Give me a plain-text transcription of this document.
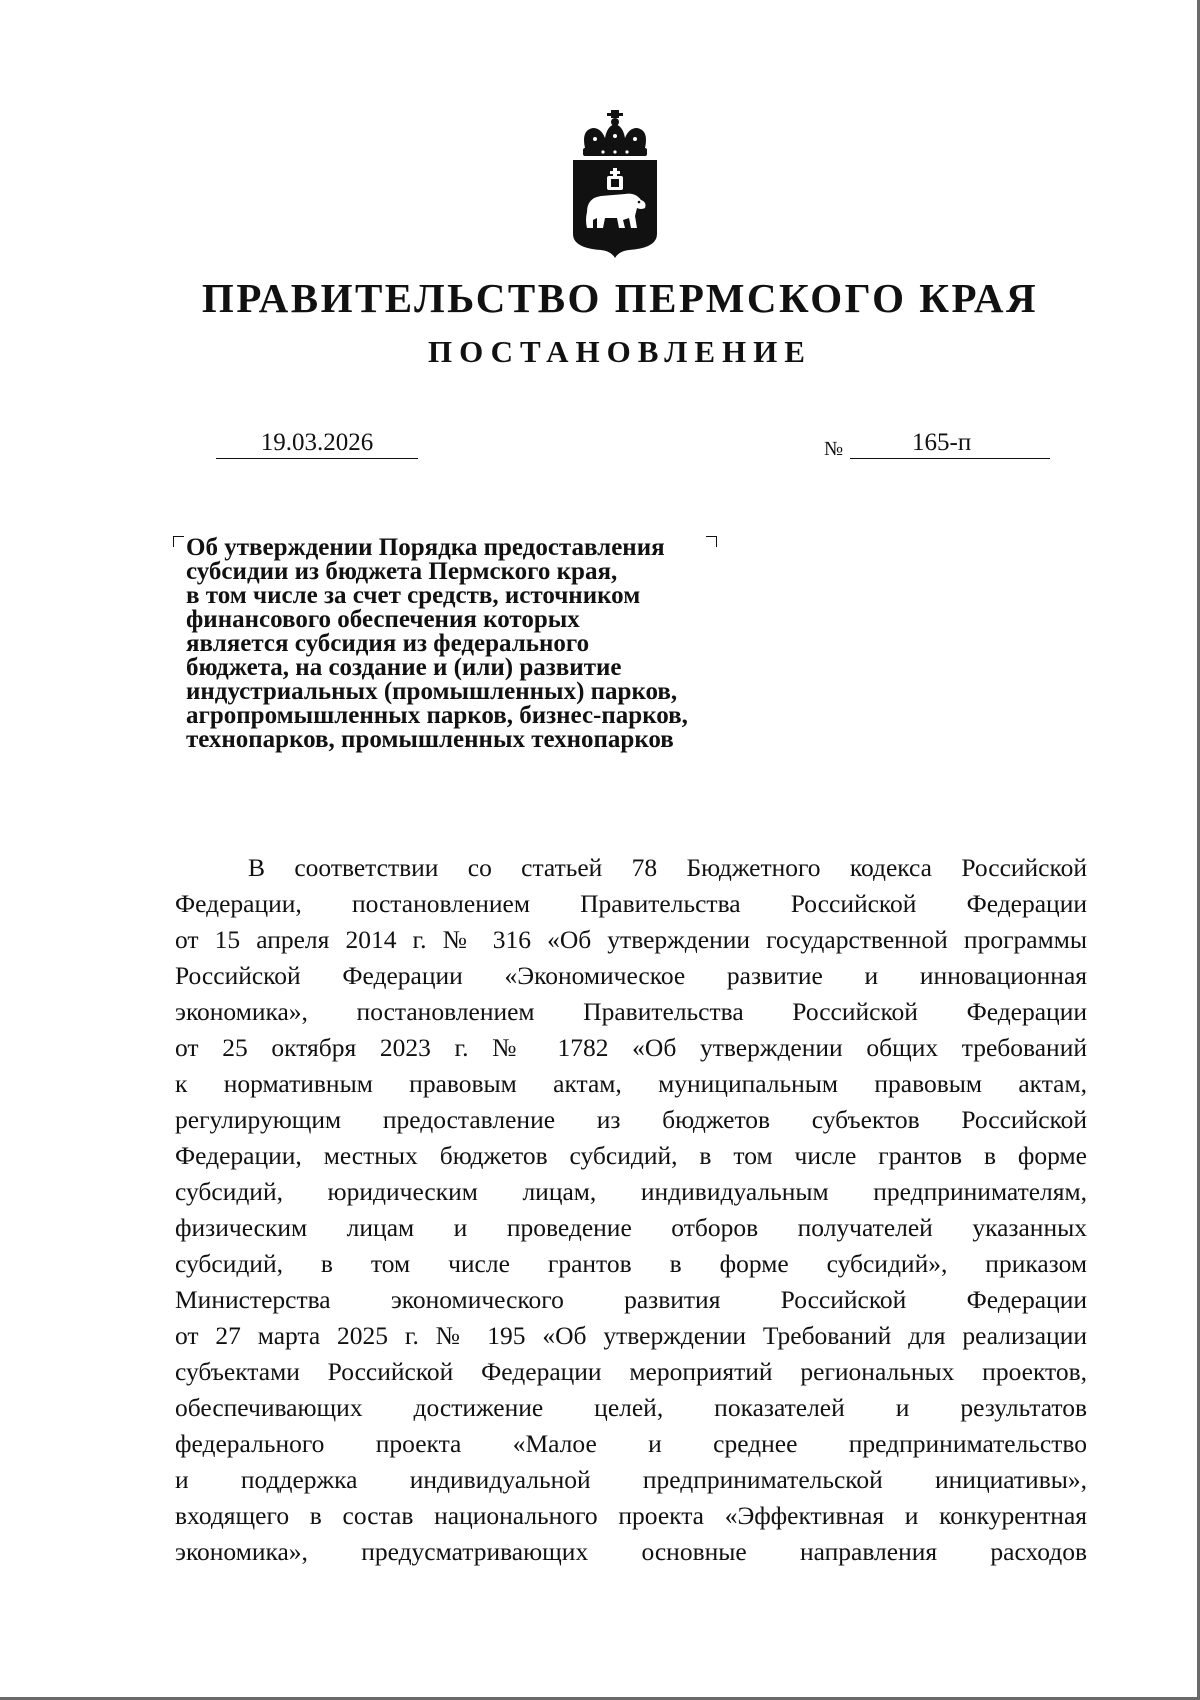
ПРАВИТЕЛЬСТВО ПЕРМСКОГО КРАЯ
ПОСТАНОВЛЕНИЕ
19.03.2026	№	165-п
Об утверждении Порядка предоставления
субсидии из бюджета Пермского края,
в том числе за счет средств, источником
финансового обеспечения которых
является субсидия из федерального
бюджета, на создание и (или) развитие
индустриальных (промышленных) парков,
агропромышленных парков, бизнес-парков,
технопарков, промышленных технопарков
В соответствии со статьей 78 Бюджетного кодекса Российской
Федерации, постановлением Правительства Российской Федерации
от 15 апреля 2014 г. № 316 «Об утверждении государственной программы
Российской Федерации «Экономическое развитие и инновационная
экономика», постановлением Правительства Российской Федерации
от 25 октября 2023 г. № 1782 «Об утверждении общих требований
к нормативным правовым актам, муниципальным правовым актам,
регулирующим предоставление из бюджетов субъектов Российской
Федерации, местных бюджетов субсидий, в том числе грантов в форме
субсидий, юридическим лицам, индивидуальным предпринимателям,
физическим лицам и проведение отборов получателей указанных
субсидий, в том числе грантов в форме субсидий», приказом
Министерства экономического развития Российской Федерации
от 27 марта 2025 г. № 195 «Об утверждении Требований для реализации
субъектами Российской Федерации мероприятий региональных проектов,
обеспечивающих достижение целей, показателей и результатов
федерального проекта «Малое и среднее предпринимательство
и поддержка индивидуальной предпринимательской инициативы»,
входящего в состав национального проекта «Эффективная и конкурентная
экономика», предусматривающих основные направления расходов
